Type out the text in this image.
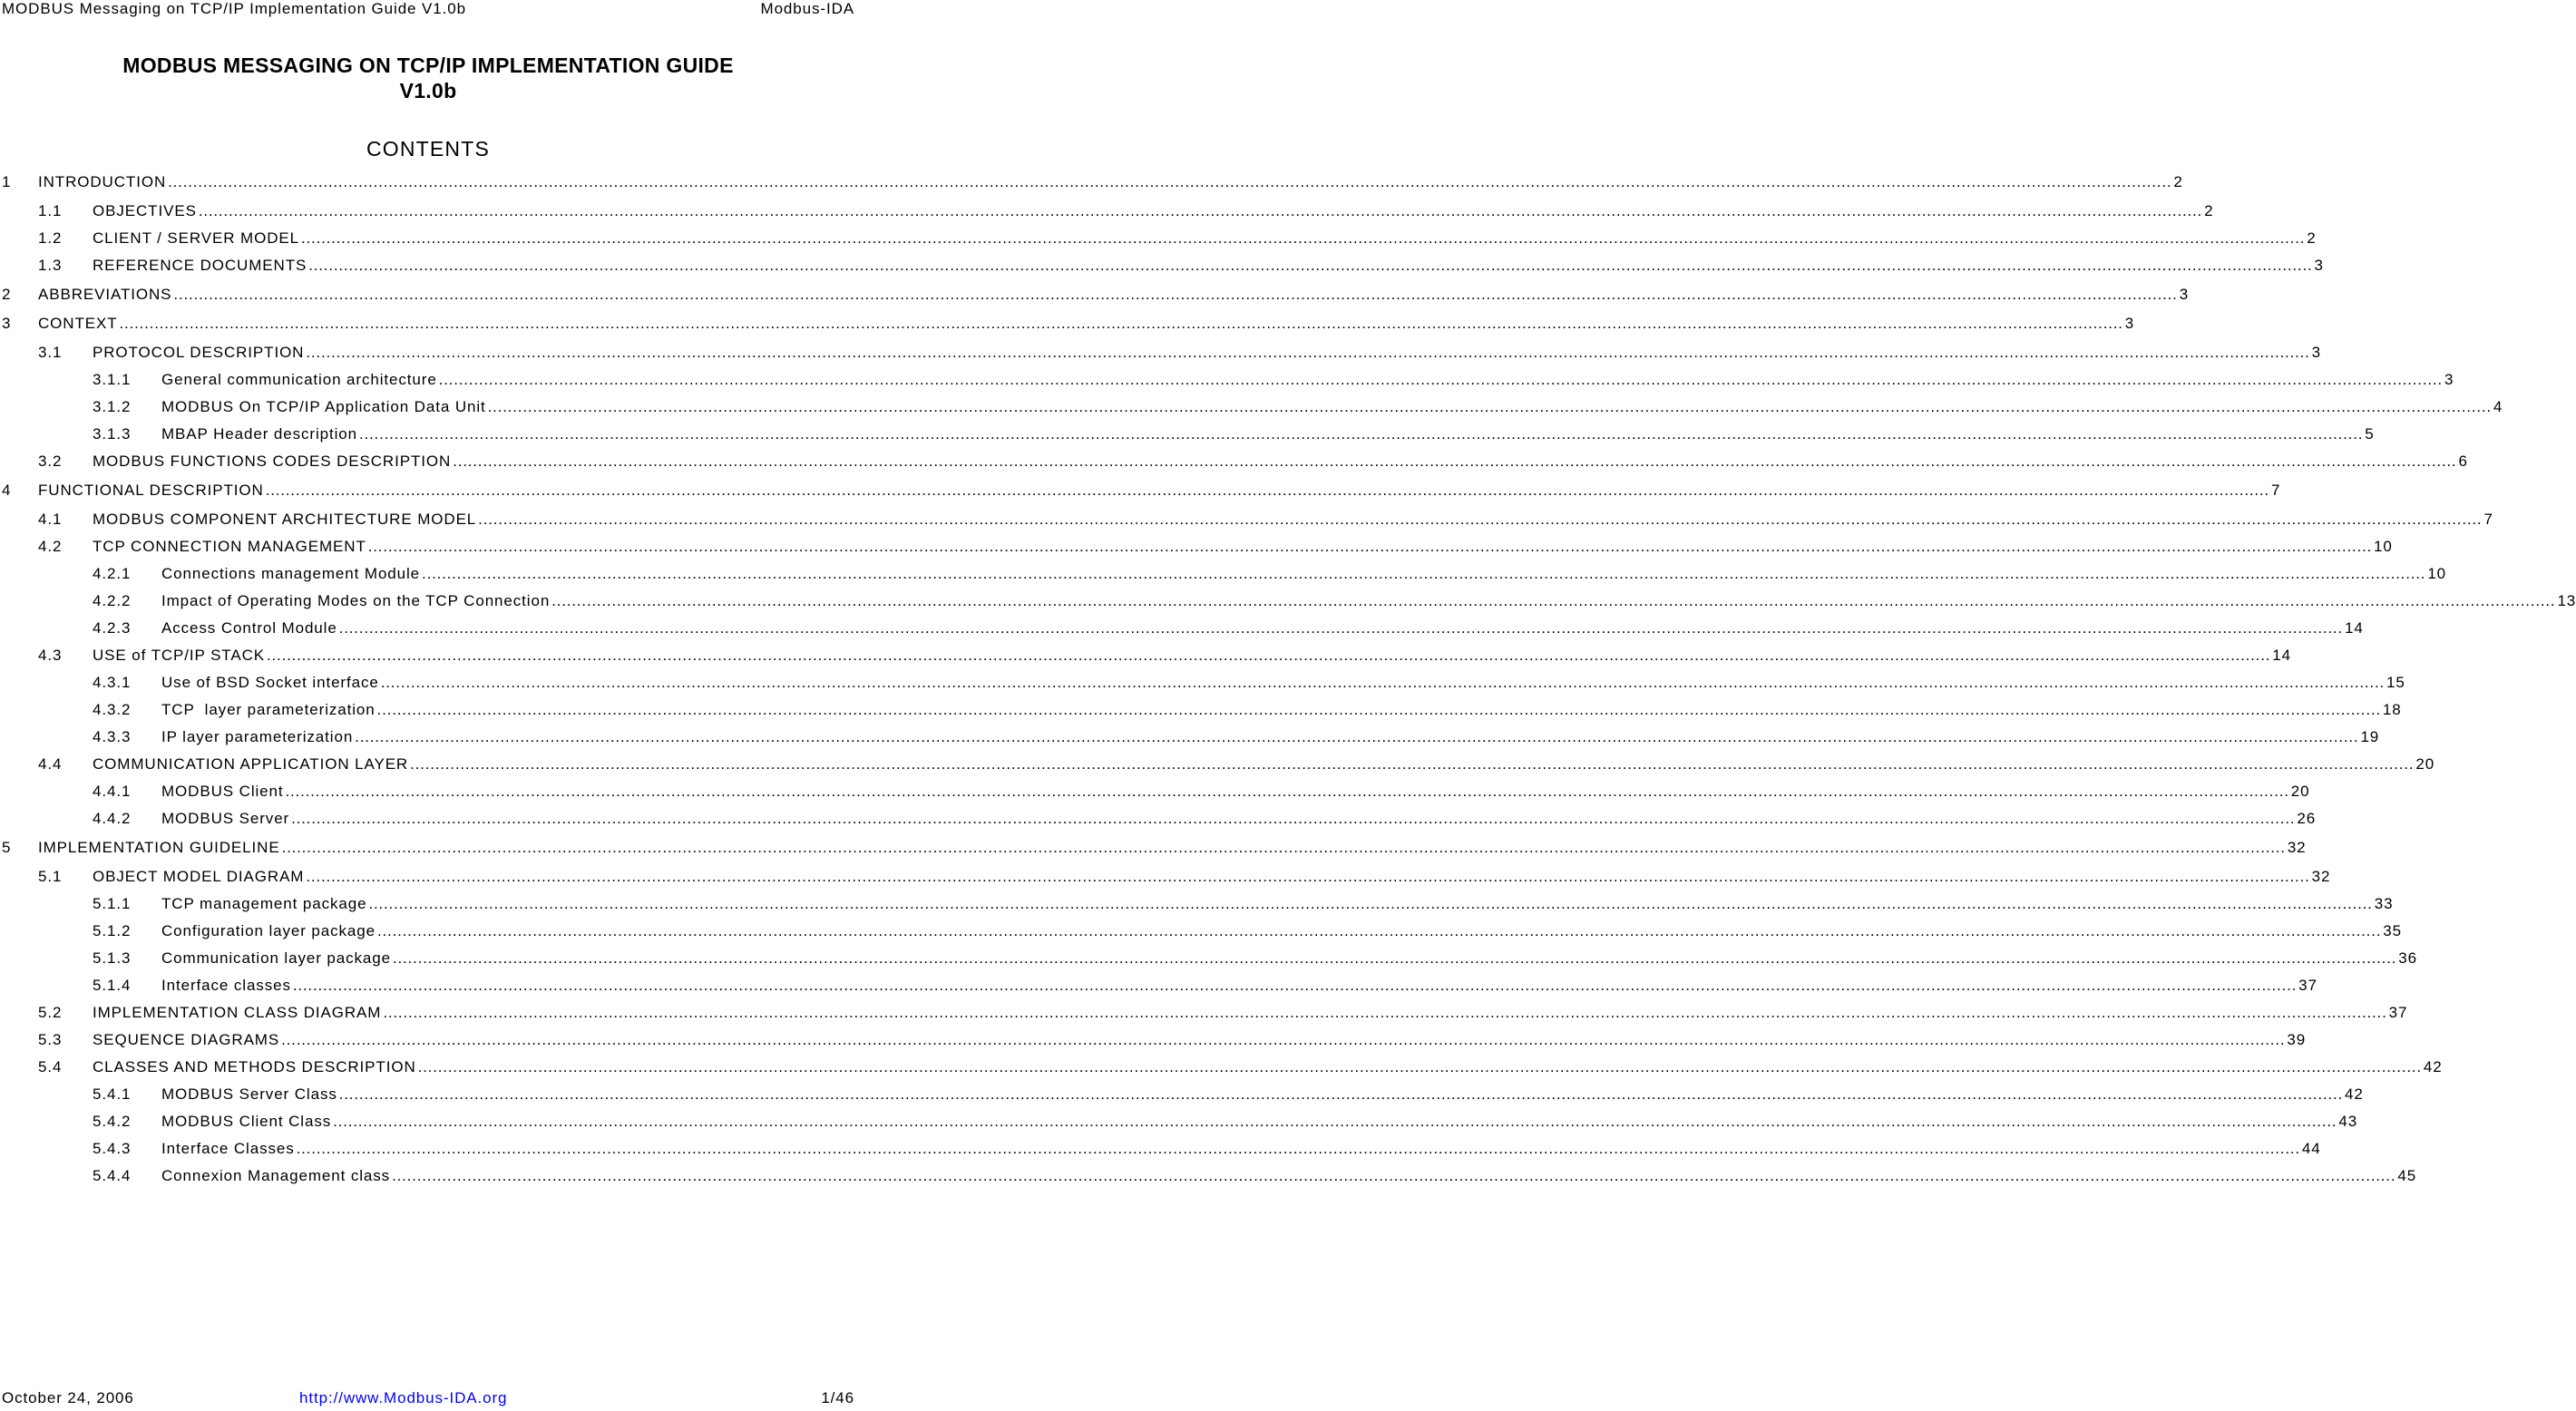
MODBUS Messaging on TCP/IP Implementation Guide V1.0b	Modbus-IDA
MODBUS MESSAGING ON TCP/IP IMPLEMENTATION GUIDE
V1.0b
CONTENTS
1 INTRODUCTION ................................................................................................................................................................................................................................................................................................................................................................................................................ 2
1.1 OBJECTIVES ................................................................................................................................................................................................................................................................................................................................................................................................................ 2
1.2 CLIENT / SERVER MODEL ................................................................................................................................................................................................................................................................................................................................................................................................................ 2
1.3 REFERENCE DOCUMENTS ................................................................................................................................................................................................................................................................................................................................................................................................................ 3
2 ABBREVIATIONS ................................................................................................................................................................................................................................................................................................................................................................................................................ 3
3 CONTEXT ................................................................................................................................................................................................................................................................................................................................................................................................................ 3
3.1 PROTOCOL DESCRIPTION ................................................................................................................................................................................................................................................................................................................................................................................................................ 3
3.1.1 General communication architecture ................................................................................................................................................................................................................................................................................................................................................................................................................ 3
3.1.2 MODBUS On TCP/IP Application Data Unit ................................................................................................................................................................................................................................................................................................................................................................................................................ 4
3.1.3 MBAP Header description ................................................................................................................................................................................................................................................................................................................................................................................................................ 5
3.2 MODBUS FUNCTIONS CODES DESCRIPTION ................................................................................................................................................................................................................................................................................................................................................................................................................ 6
4 FUNCTIONAL DESCRIPTION ................................................................................................................................................................................................................................................................................................................................................................................................................ 7
4.1 MODBUS COMPONENT ARCHITECTURE MODEL ................................................................................................................................................................................................................................................................................................................................................................................................................ 7
4.2 TCP CONNECTION MANAGEMENT ................................................................................................................................................................................................................................................................................................................................................................................................................ 10
4.2.1 Connections management Module ................................................................................................................................................................................................................................................................................................................................................................................................................ 10
4.2.2 Impact of Operating Modes on the TCP Connection ................................................................................................................................................................................................................................................................................................................................................................................................................ 13
4.2.3 Access Control Module ................................................................................................................................................................................................................................................................................................................................................................................................................ 14
4.3 USE of TCP/IP STACK ................................................................................................................................................................................................................................................................................................................................................................................................................ 14
4.3.1 Use of BSD Socket interface ................................................................................................................................................................................................................................................................................................................................................................................................................ 15
4.3.2 TCP  layer parameterization ................................................................................................................................................................................................................................................................................................................................................................................................................ 18
4.3.3 IP layer parameterization ................................................................................................................................................................................................................................................................................................................................................................................................................ 19
4.4 COMMUNICATION APPLICATION LAYER ................................................................................................................................................................................................................................................................................................................................................................................................................ 20
4.4.1 MODBUS Client ................................................................................................................................................................................................................................................................................................................................................................................................................ 20
4.4.2 MODBUS Server ................................................................................................................................................................................................................................................................................................................................................................................................................ 26
5 IMPLEMENTATION GUIDELINE ................................................................................................................................................................................................................................................................................................................................................................................................................ 32
5.1 OBJECT MODEL DIAGRAM ................................................................................................................................................................................................................................................................................................................................................................................................................ 32
5.1.1 TCP management package ................................................................................................................................................................................................................................................................................................................................................................................................................ 33
5.1.2 Configuration layer package ................................................................................................................................................................................................................................................................................................................................................................................................................ 35
5.1.3 Communication layer package ................................................................................................................................................................................................................................................................................................................................................................................................................ 36
5.1.4 Interface classes ................................................................................................................................................................................................................................................................................................................................................................................................................ 37
5.2 IMPLEMENTATION CLASS DIAGRAM ................................................................................................................................................................................................................................................................................................................................................................................................................ 37
5.3 SEQUENCE DIAGRAMS ................................................................................................................................................................................................................................................................................................................................................................................................................ 39
5.4 CLASSES AND METHODS DESCRIPTION ................................................................................................................................................................................................................................................................................................................................................................................................................ 42
5.4.1 MODBUS Server Class ................................................................................................................................................................................................................................................................................................................................................................................................................ 42
5.4.2 MODBUS Client Class ................................................................................................................................................................................................................................................................................................................................................................................................................ 43
5.4.3 Interface Classes ................................................................................................................................................................................................................................................................................................................................................................................................................ 44
5.4.4 Connexion Management class ................................................................................................................................................................................................................................................................................................................................................................................................................ 45
October 24, 2006	http://www.Modbus-IDA.org	1/46
